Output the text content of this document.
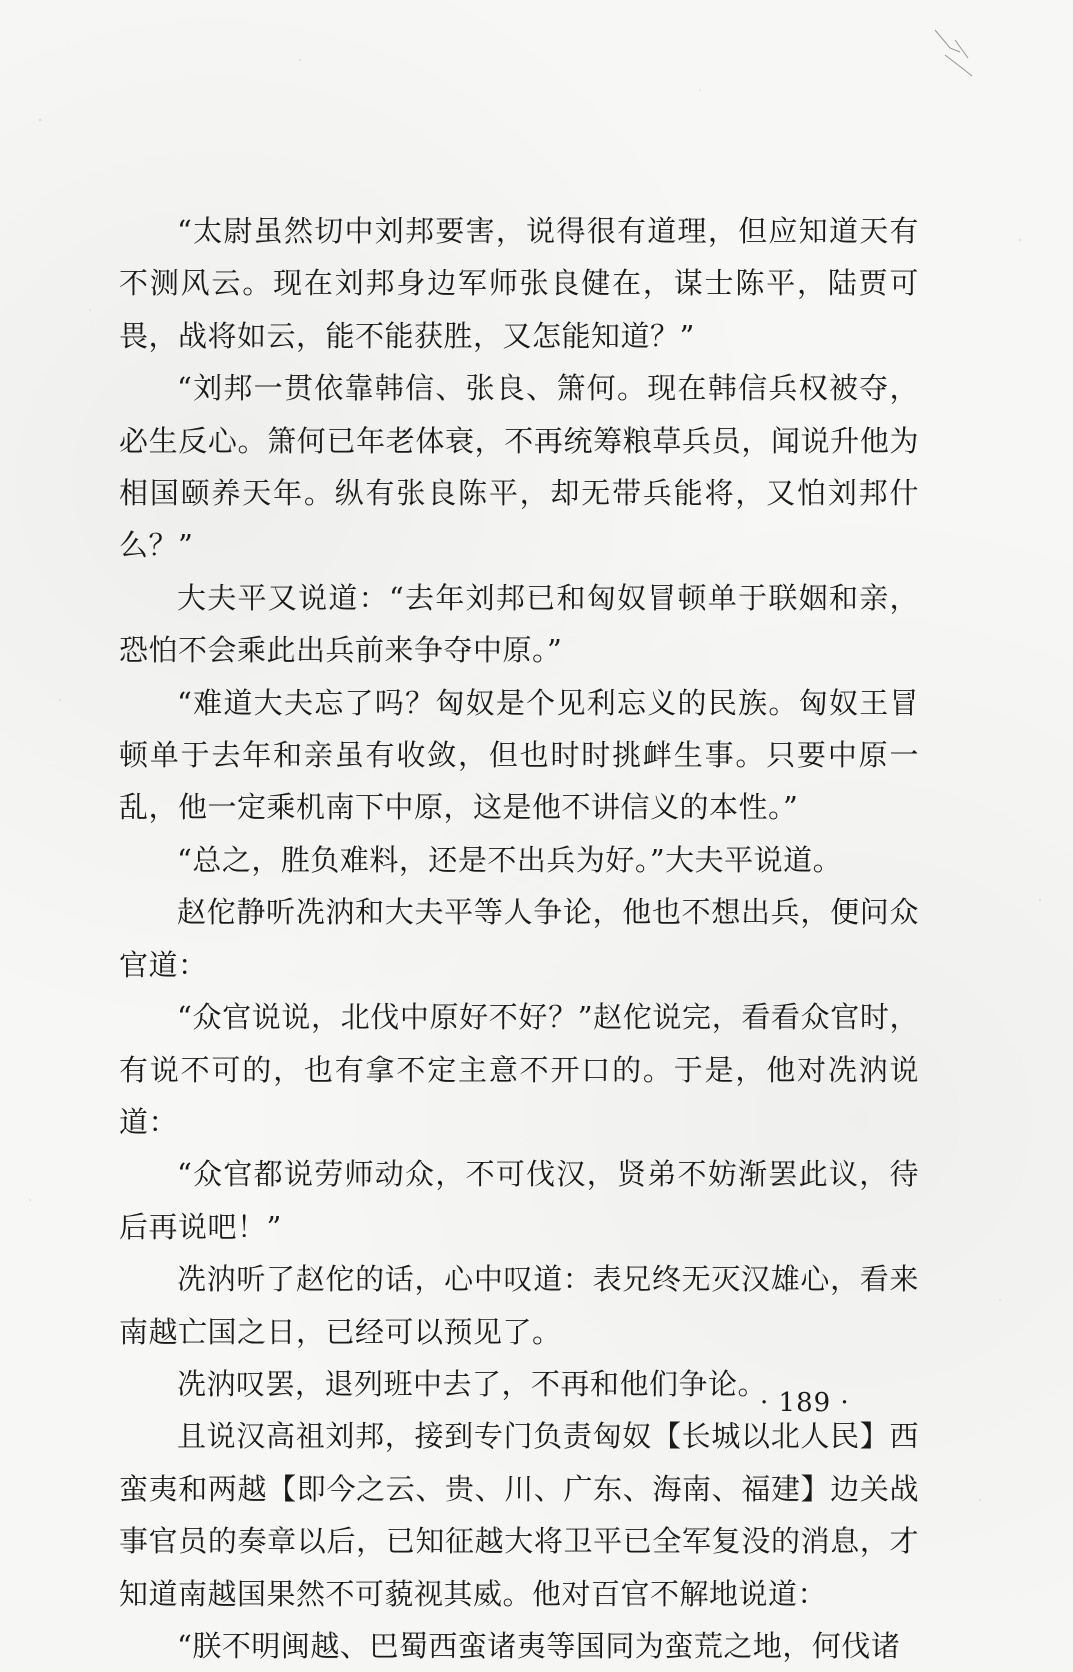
“太尉虽然切中刘邦要害，说得很有道理，但应知道天有不测风云。现在刘邦身边军师张良健在，谋士陈平，陆贾可畏，战将如云，能不能获胜，又怎能知道？”

“刘邦一贯依靠韩信、张良、箫何。现在韩信兵权被夺，必生反心。箫何已年老体衰，不再统筹粮草兵员，闻说升他为相国颐养天年。纵有张良陈平，却无带兵能将，又怕刘邦什么？”

大夫平又说道：“去年刘邦已和匈奴冒顿单于联姻和亲，恐怕不会乘此出兵前来争夺中原。”

“难道大夫忘了吗？匈奴是个见利忘义的民族。匈奴王冒顿单于去年和亲虽有收敛，但也时时挑衅生事。只要中原一乱，他一定乘机南下中原，这是他不讲信义的本性。”

“总之，胜负难料，还是不出兵为好。”大夫平说道。

赵佗静听冼汭和大夫平等人争论，他也不想出兵，便问众官道：

“众官说说，北伐中原好不好？”赵佗说完，看看众官时，有说不可的，也有拿不定主意不开口的。于是，他对冼汭说道：

“众官都说劳师动众，不可伐汉，贤弟不妨渐罢此议，待后再说吧！”

冼汭听了赵佗的话，心中叹道：表兄终无灭汉雄心，看来南越亡国之日，已经可以预见了。

冼汭叹罢，退列班中去了，不再和他们争论。

且说汉高祖刘邦，接到专门负责匈奴【长城以北人民】西蛮夷和两越【即今之云、贵、川、广东、海南、福建】边关战事官员的奏章以后，已知征越大将卫平已全军复没的消息，才知道南越国果然不可藐视其威。他对百官不解地说道：

“朕不明闽越、巴蜀西蛮诸夷等国同为蛮荒之地，何伐诸

· 189 ·
